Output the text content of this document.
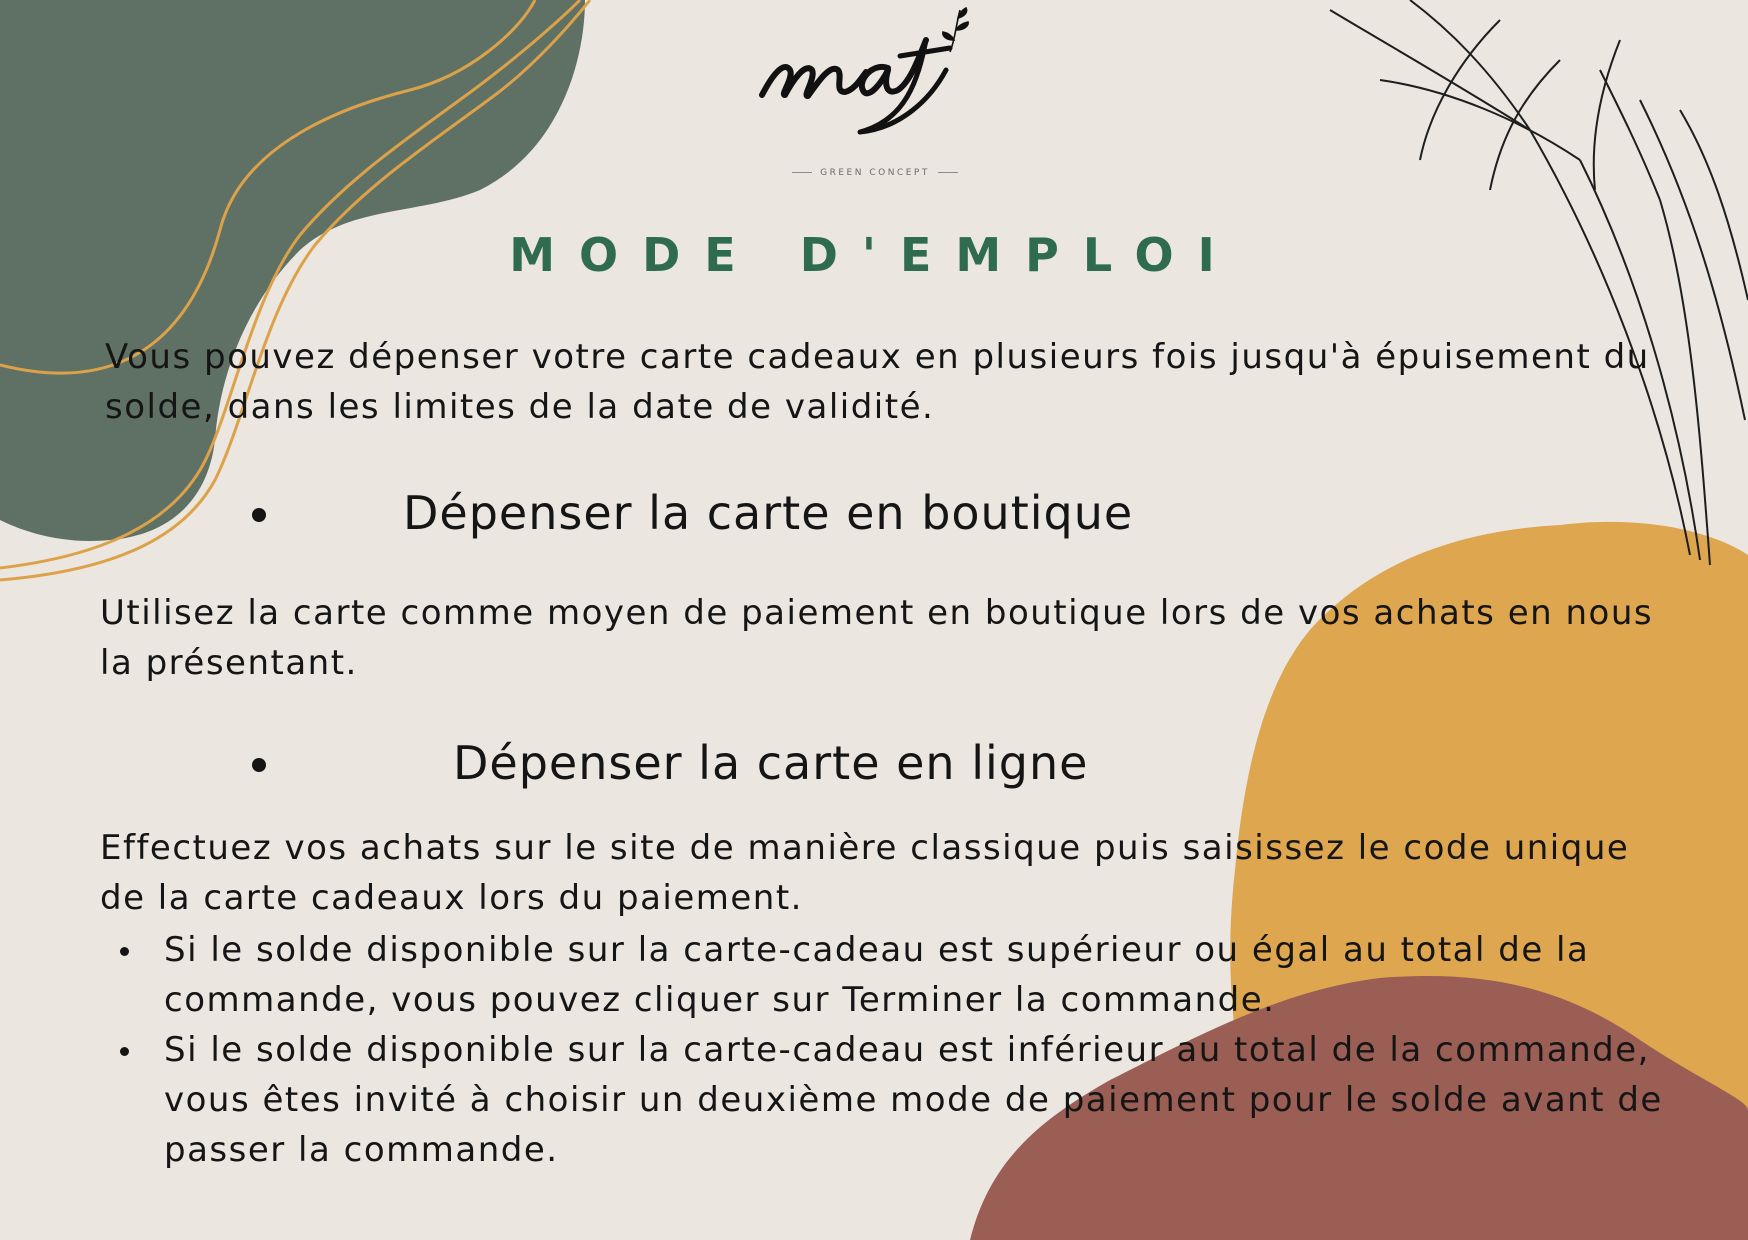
GREEN CONCEPT
MODE D'EMPLOI

Vous pouvez dépenser votre carte cadeaux en plusieurs fois jusqu'à épuisement du solde, dans les limites de la date de validité.

Dépenser la carte en boutique

Utilisez la carte comme moyen de paiement en boutique lors de vos achats en nous la présentant.

Dépenser la carte en ligne

Effectuez vos achats sur le site de manière classique puis saisissez le code unique de la carte cadeaux lors du paiement.

Si le solde disponible sur la carte-cadeau est supérieur ou égal au total de la commande, vous pouvez cliquer sur Terminer la commande.
Si le solde disponible sur la carte-cadeau est inférieur au total de la commande, vous êtes invité à choisir un deuxième mode de paiement pour le solde avant de passer la commande.
